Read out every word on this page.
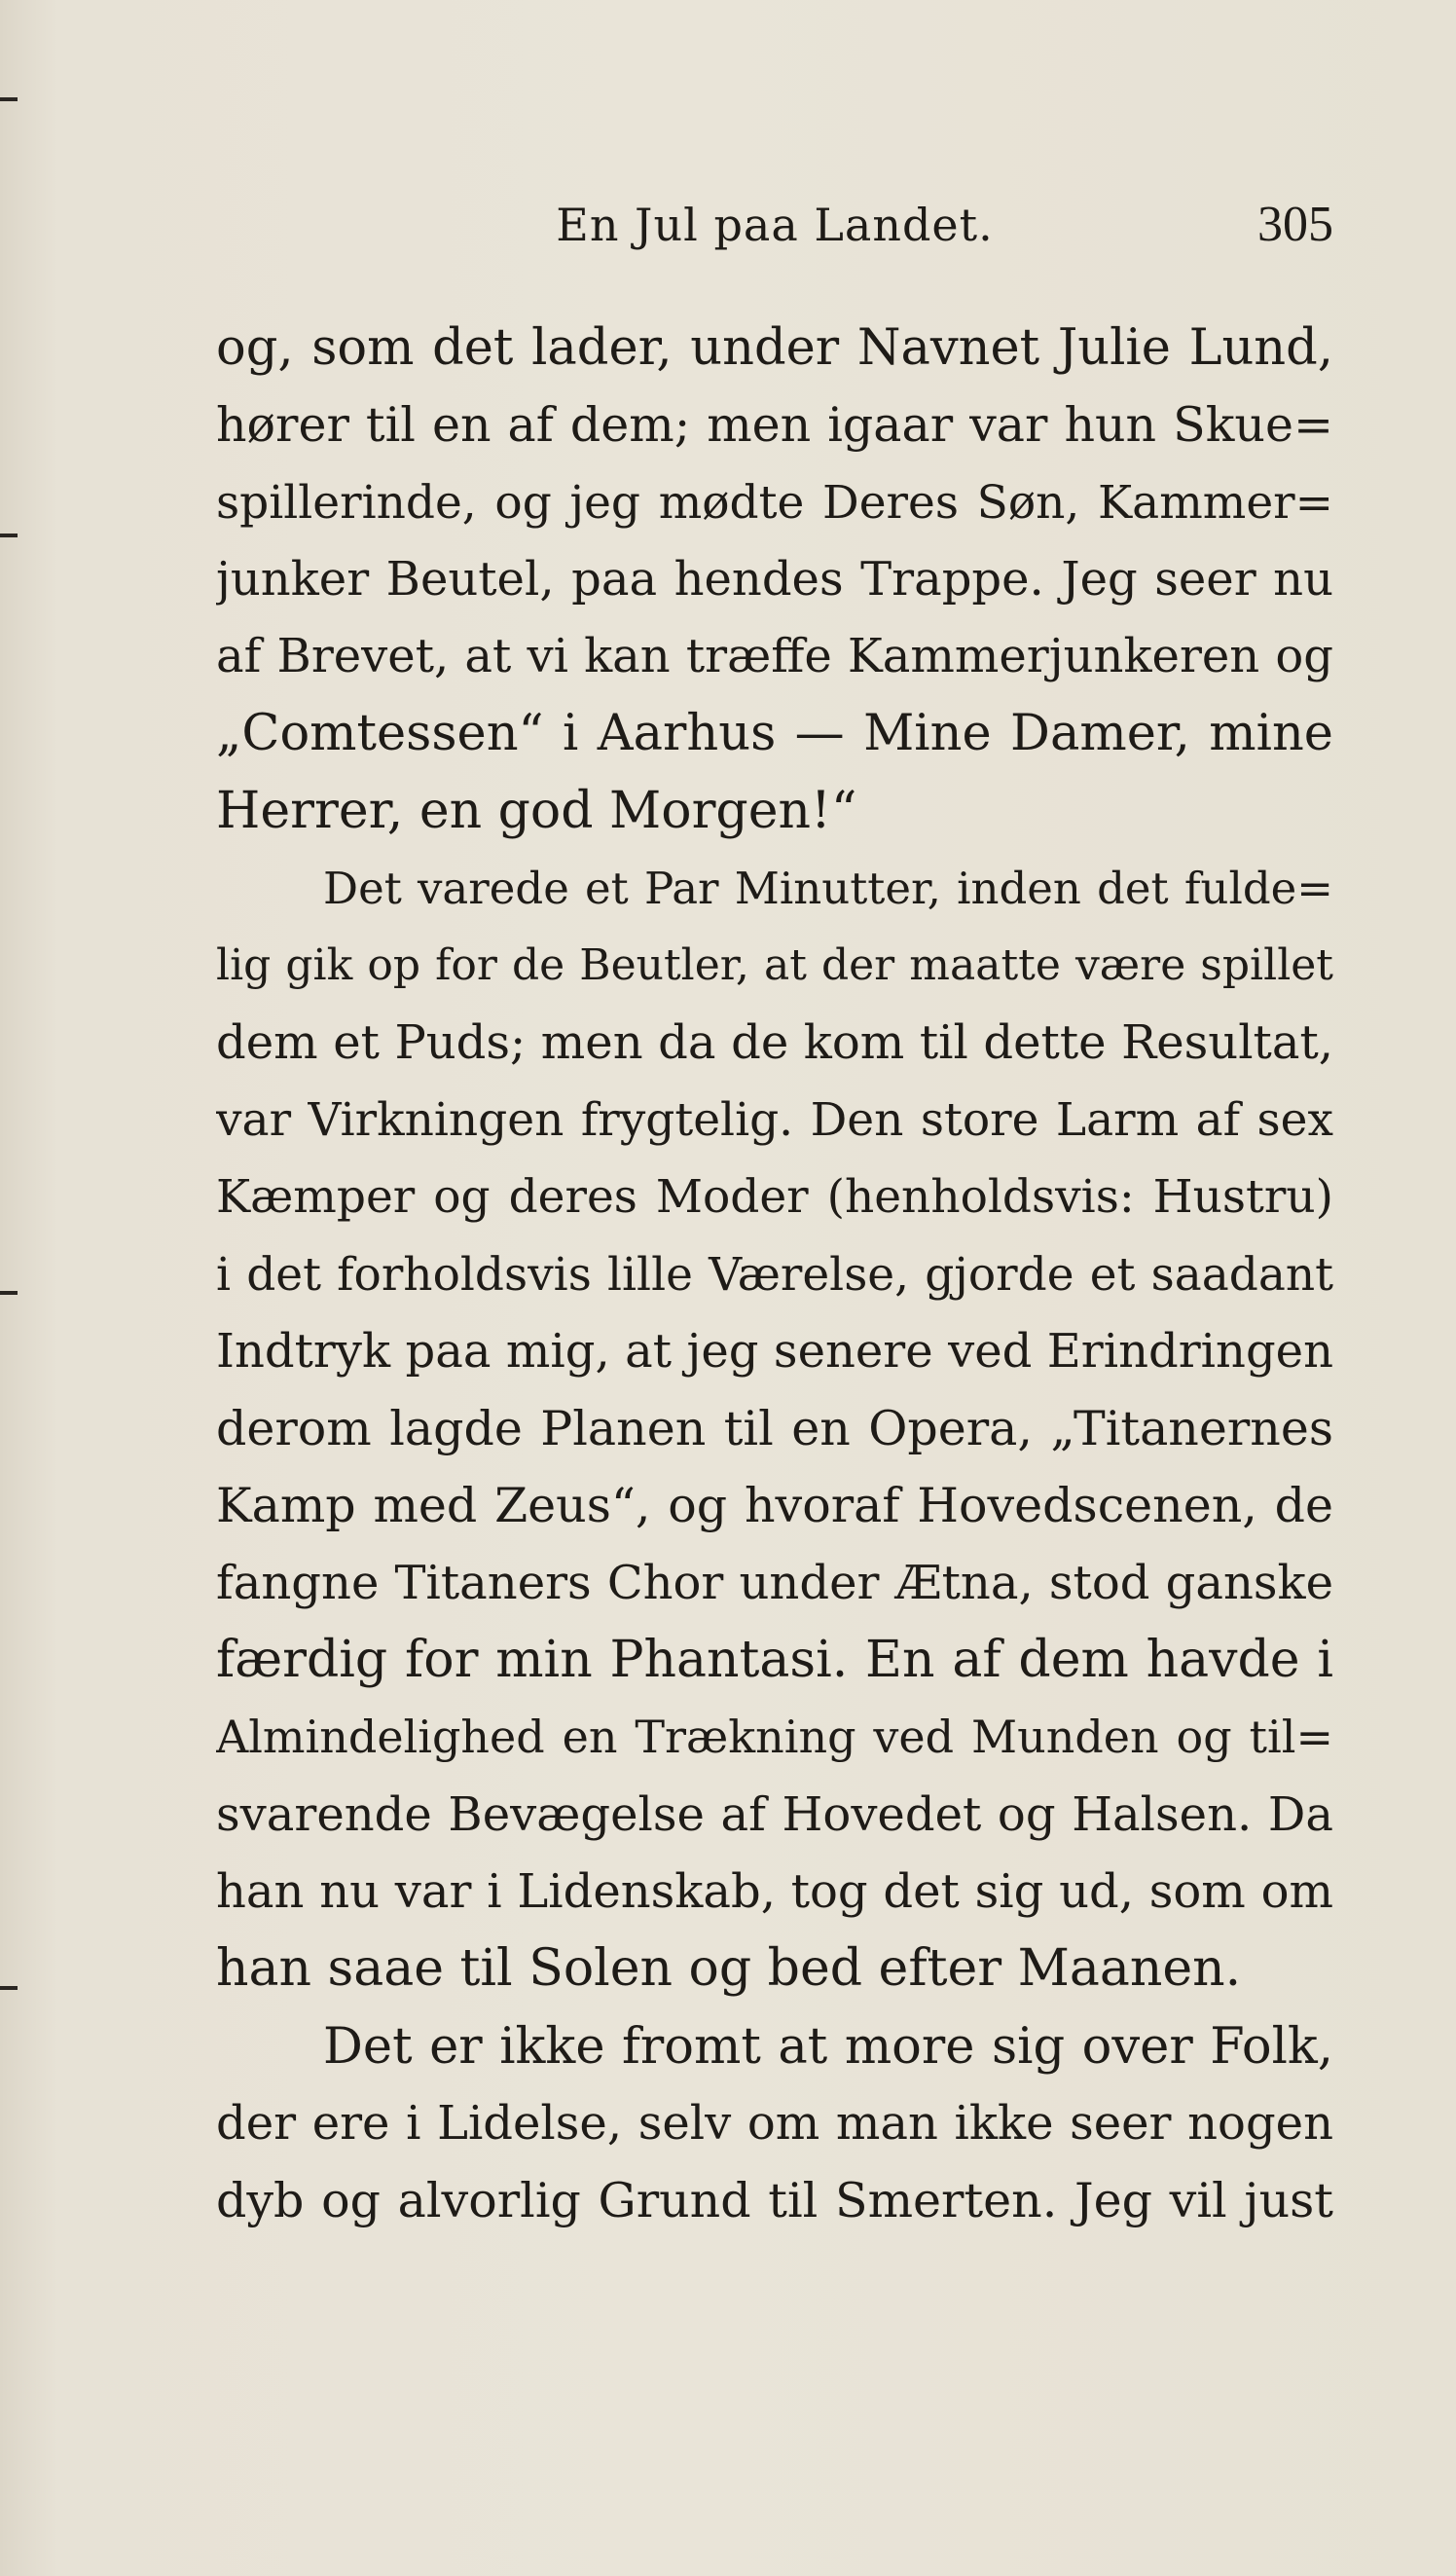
En Jul paa Landet.	305
og, som det lader, under Navnet Julie Lund,
hører til en af dem; men igaar var hun Skue=
spillerinde, og jeg mødte Deres Søn, Kammer=
junker Beutel, paa hendes Trappe. Jeg seer nu
af Brevet, at vi kan træffe Kammerjunkeren og
„Comtessen“ i Aarhus — Mine Damer, mine
Herrer, en god Morgen!“
Det varede et Par Minutter, inden det fulde=
lig gik op for de Beutler, at der maatte være spillet
dem et Puds; men da de kom til dette Resultat,
var Virkningen frygtelig. Den store Larm af sex
Kæmper og deres Moder (henholdsvis: Hustru)
i det forholdsvis lille Værelse, gjorde et saadant
Indtryk paa mig, at jeg senere ved Erindringen
derom lagde Planen til en Opera, „Titanernes
Kamp med Zeus“, og hvoraf Hovedscenen, de
fangne Titaners Chor under Ætna, stod ganske
færdig for min Phantasi. En af dem havde i
Almindelighed en Trækning ved Munden og til=
svarende Bevægelse af Hovedet og Halsen. Da
han nu var i Lidenskab, tog det sig ud, som om
han saae til Solen og bed efter Maanen.
Det er ikke fromt at more sig over Folk,
der ere i Lidelse, selv om man ikke seer nogen
dyb og alvorlig Grund til Smerten. Jeg vil just
